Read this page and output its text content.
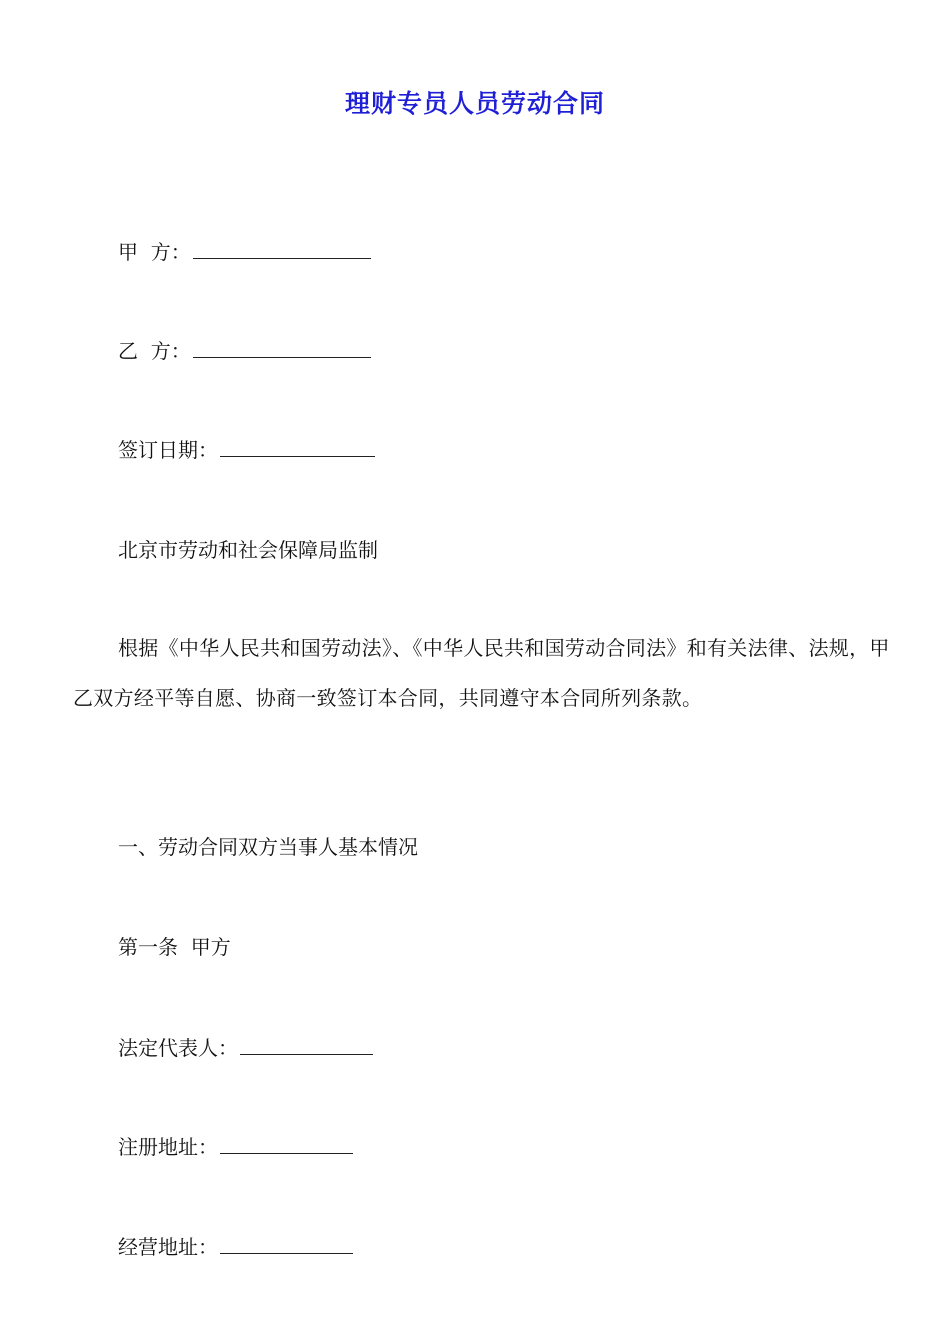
理财专员人员劳动合同
甲  方：
乙  方：
签订日期：
北京市劳动和社会保障局监制
根据《中华人民共和国劳动法》、《中华人民共和国劳动合同法》和有关法律、法规，甲乙双方经平等自愿、协商一致签订本合同，共同遵守本合同所列条款。
一、劳动合同双方当事人基本情况
第一条  甲方
法定代表人：
注册地址：
经营地址：
